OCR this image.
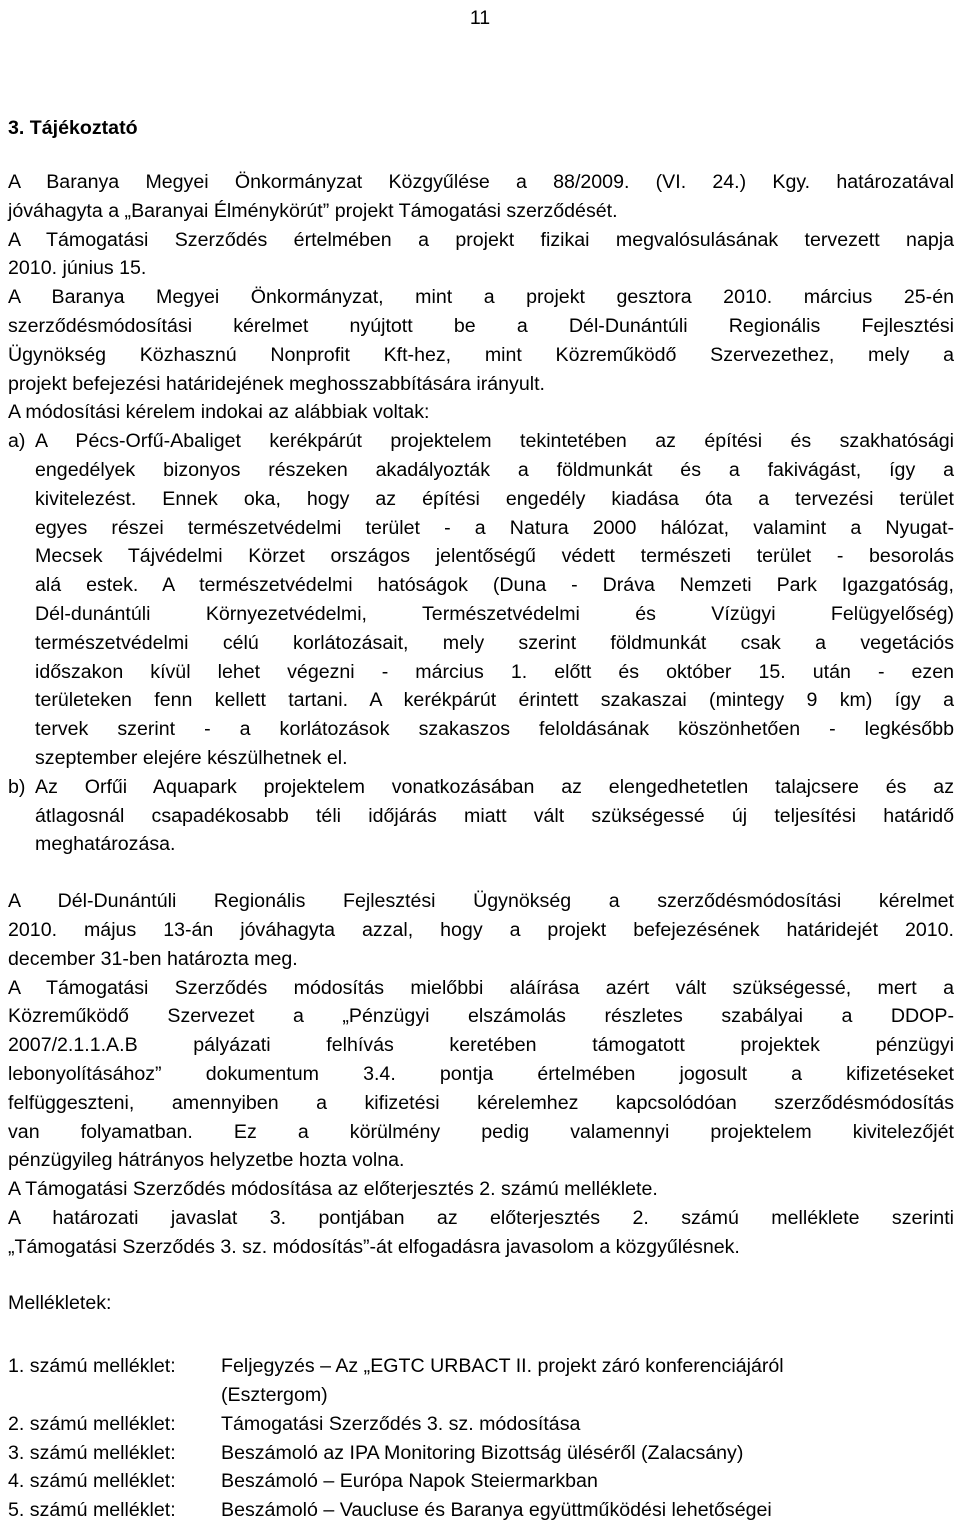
11
3. Tájékoztató
A Baranya Megyei Önkormányzat Közgyűlése a 88/2009. (VI. 24.) Kgy. határozatával
jóváhagyta a „Baranyai Élménykörút” projekt Támogatási szerződését.
A Támogatási Szerződés értelmében a projekt fizikai megvalósulásának tervezett napja
2010. június 15.
A Baranya Megyei Önkormányzat, mint a projekt gesztora 2010. március 25-én
szerződésmódosítási kérelmet nyújtott be a Dél-Dunántúli Regionális Fejlesztési
Ügynökség Közhasznú Nonprofit Kft-hez, mint Közreműködő Szervezethez, mely a
projekt befejezési határidejének meghosszabbítására irányult.
A módosítási kérelem indokai az alábbiak voltak:
a) A Pécs-Orfű-Abaliget kerékpárút projektelem tekintetében az építési és szakhatósági
engedélyek bizonyos részeken akadályozták a földmunkát és a fakivágást, így a
kivitelezést. Ennek oka, hogy az építési engedély kiadása óta a tervezési terület
egyes részei természetvédelmi terület - a Natura 2000 hálózat, valamint a Nyugat-
Mecsek Tájvédelmi Körzet országos jelentőségű védett természeti terület - besorolás
alá estek. A természetvédelmi hatóságok (Duna - Dráva Nemzeti Park Igazgatóság,
Dél-dunántúli Környezetvédelmi, Természetvédelmi és Vízügyi Felügyelőség)
természetvédelmi célú korlátozásait, mely szerint földmunkát csak a vegetációs
időszakon kívül lehet végezni - március 1. előtt és október 15. után - ezen
területeken fenn kellett tartani. A kerékpárút érintett szakaszai (mintegy 9 km) így a
tervek szerint - a korlátozások szakaszos feloldásának köszönhetően - legkésőbb
szeptember elejére készülhetnek el.
b) Az Orfűi Aquapark projektelem vonatkozásában az elengedhetetlen talajcsere és az
átlagosnál csapadékosabb téli időjárás miatt vált szükségessé új teljesítési határidő
meghatározása.
A Dél-Dunántúli Regionális Fejlesztési Ügynökség a szerződésmódosítási kérelmet
2010. május 13-án jóváhagyta azzal, hogy a projekt befejezésének határidejét 2010.
december 31-ben határozta meg.
A Támogatási Szerződés módosítás mielőbbi aláírása azért vált szükségessé, mert a
Közreműködő Szervezet a „Pénzügyi elszámolás részletes szabályai a DDOP-
2007/2.1.1.A.B pályázati felhívás keretében támogatott projektek pénzügyi
lebonyolításához” dokumentum 3.4. pontja értelmében jogosult a kifizetéseket
felfüggeszteni, amennyiben a kifizetési kérelemhez kapcsolódóan szerződésmódosítás
van folyamatban. Ez a körülmény pedig valamennyi projektelem kivitelezőjét
pénzügyileg hátrányos helyzetbe hozta volna.
A Támogatási Szerződés módosítása az előterjesztés 2. számú melléklete.
A határozati javaslat 3. pontjában az előterjesztés 2. számú melléklete szerinti
„Támogatási Szerződés 3. sz. módosítás”-át elfogadásra javasolom a közgyűlésnek.
Mellékletek:
1. számú melléklet: Feljegyzés – Az „EGTC URBACT II. projekt záró konferenciájáról
(Esztergom)
2. számú melléklet: Támogatási Szerződés 3. sz. módosítása
3. számú melléklet: Beszámoló az IPA Monitoring Bizottság üléséről (Zalacsány)
4. számú melléklet: Beszámoló – Európa Napok Steiermarkban
5. számú melléklet: Beszámoló – Vaucluse és Baranya együttműködési lehetőségei
